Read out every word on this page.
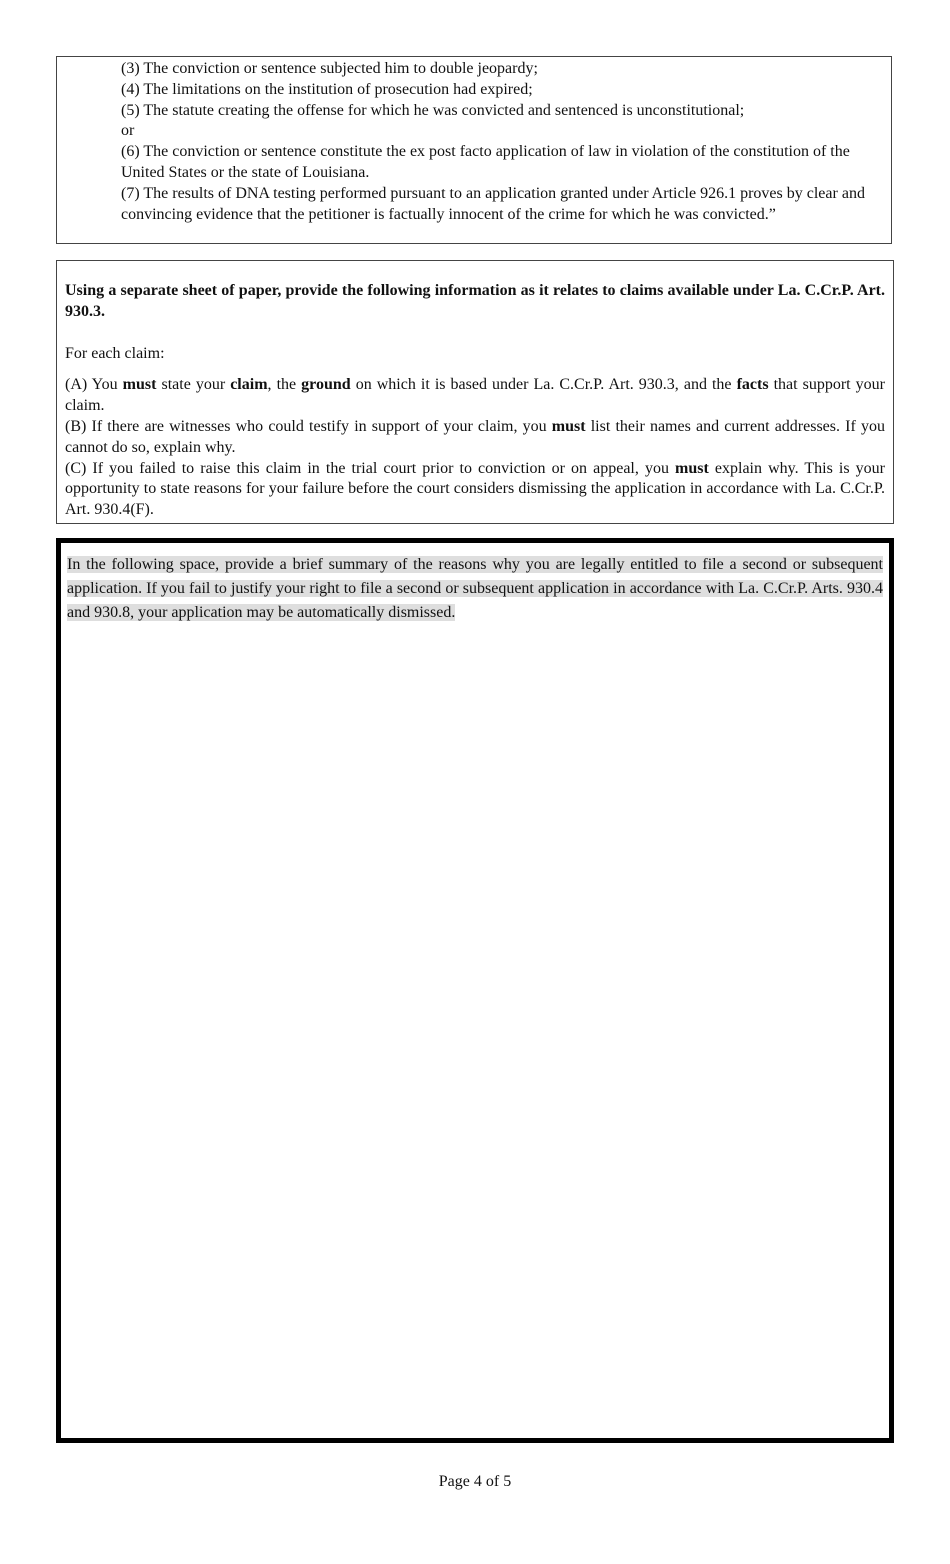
(3) The conviction or sentence subjected him to double jeopardy;
(4) The limitations on the institution of prosecution had expired;
(5) The statute creating the offense for which he was convicted and sentenced is unconstitutional;
or
(6) The conviction or sentence constitute the ex post facto application of law in violation of the constitution of the United States or the state of Louisiana.
(7) The results of DNA testing performed pursuant to an application granted under Article 926.1 proves by clear and convincing evidence that the petitioner is factually innocent of the crime for which he was convicted.”
Using a separate sheet of paper, provide the following information as it relates to claims available under La. C.Cr.P. Art. 930.3.
For each claim:
(A) You must state your claim, the ground on which it is based under La. C.Cr.P. Art. 930.3, and the facts that support your claim.
(B) If there are witnesses who could testify in support of your claim, you must list their names and current addresses. If you cannot do so, explain why.
(C) If you failed to raise this claim in the trial court prior to conviction or on appeal, you must explain why. This is your opportunity to state reasons for your failure before the court considers dismissing the application in accordance with La. C.Cr.P. Art. 930.4(F).
In the following space, provide a brief summary of the reasons why you are legally entitled to file a second or subsequent application. If you fail to justify your right to file a second or subsequent application in accordance with La. C.Cr.P. Arts. 930.4 and 930.8, your application may be automatically dismissed.
Page 4 of 5
